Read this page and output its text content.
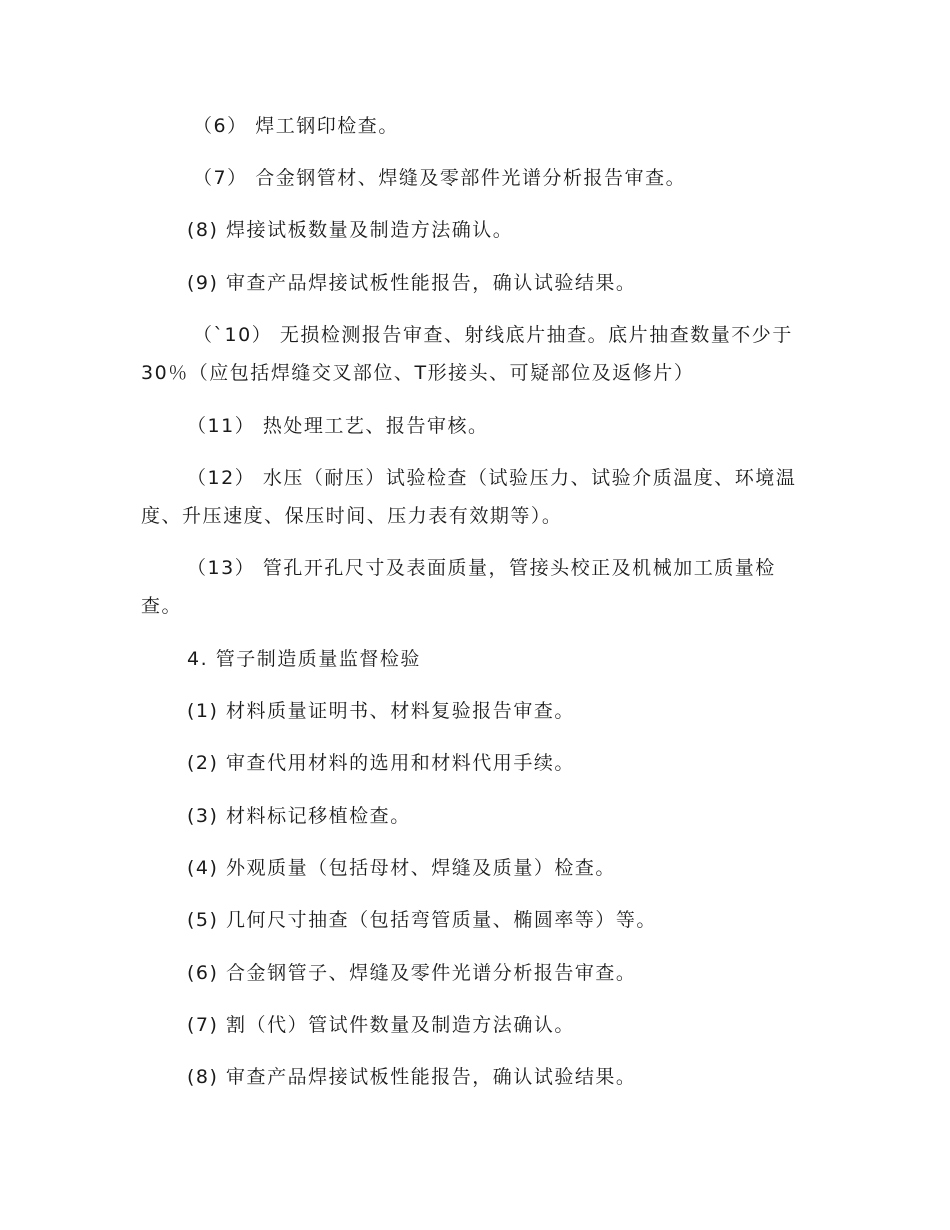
（6） 焊工钢印检查。
（7） 合金钢管材、焊缝及零部件光谱分析报告审查。
(8) 焊接试板数量及制造方法确认。
(9) 审查产品焊接试板性能报告，确认试验结果。
（`10） 无损检测报告审查、射线底片抽查。底片抽查数量不少于
30％（应包括焊缝交叉部位、T形接头、可疑部位及返修片）
（11） 热处理工艺、报告审核。
（12） 水压（耐压）试验检查（试验压力、试验介质温度、环境温
度、升压速度、保压时间、压力表有效期等）。
（13） 管孔开孔尺寸及表面质量，管接头校正及机械加工质量检
查。
4. 管子制造质量监督检验
(1) 材料质量证明书、材料复验报告审查。
(2) 审查代用材料的选用和材料代用手续。
(3) 材料标记移植检查。
(4) 外观质量（包括母材、焊缝及质量）检查。
(5) 几何尺寸抽查（包括弯管质量、椭圆率等）等。
(6) 合金钢管子、焊缝及零件光谱分析报告审查。
(7) 割（代）管试件数量及制造方法确认。
(8) 审查产品焊接试板性能报告，确认试验结果。
